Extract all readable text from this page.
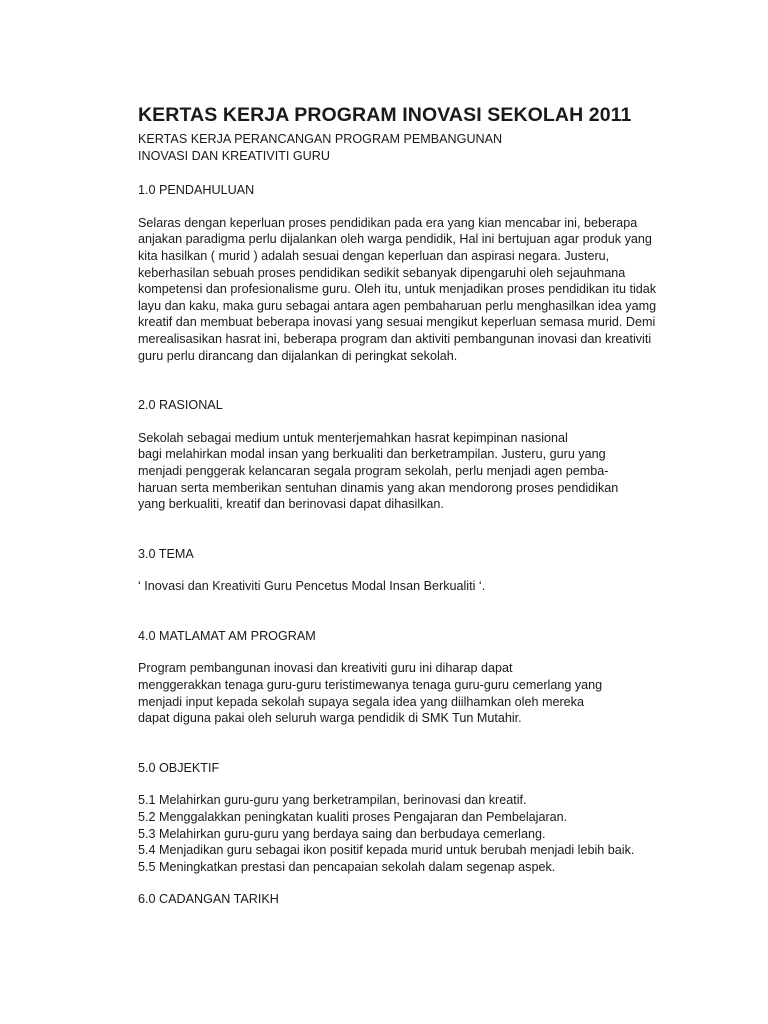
KERTAS KERJA PROGRAM INOVASI SEKOLAH 2011
KERTAS KERJA PERANCANGAN PROGRAM PEMBANGUNAN
INOVASI DAN KREATIVITI GURU
1.0 PENDAHULUAN

Selaras dengan keperluan proses pendidikan pada era yang kian mencabar ini, beberapa

anjakan paradigma perlu dijalankan oleh warga pendidik, Hal ini bertujuan agar produk yang

kita hasilkan ( murid ) adalah sesuai dengan keperluan dan aspirasi negara. Justeru,

keberhasilan sebuah proses pendidikan sedikit sebanyak dipengaruhi oleh sejauhmana

kompetensi dan profesionalisme guru. Oleh itu, untuk menjadikan proses pendidikan itu tidak

layu dan kaku, maka guru sebagai antara agen pembaharuan perlu menghasilkan idea yamg

kreatif dan membuat beberapa inovasi yang sesuai mengikut keperluan semasa murid. Demi

merealisasikan hasrat ini, beberapa program dan aktiviti pembangunan inovasi dan kreativiti

guru perlu dirancang dan dijalankan di peringkat sekolah.

2.0 RASIONAL

Sekolah sebagai medium untuk menterjemahkan hasrat kepimpinan nasional

bagi melahirkan modal insan yang berkualiti dan berketrampilan. Justeru, guru yang

menjadi penggerak kelancaran segala program sekolah, perlu menjadi agen pemba-

haruan serta memberikan sentuhan dinamis yang akan mendorong proses pendidikan

yang berkualiti, kreatif dan berinovasi dapat dihasilkan.

3.0 TEMA

‘ Inovasi dan Kreativiti Guru Pencetus Modal Insan Berkualiti ‘.

4.0 MATLAMAT AM PROGRAM

Program pembangunan inovasi dan kreativiti guru ini diharap dapat

menggerakkan tenaga guru-guru teristimewanya tenaga guru-guru cemerlang yang

menjadi input kepada sekolah supaya segala idea yang diilhamkan oleh mereka

dapat diguna pakai oleh seluruh warga pendidik di SMK Tun Mutahir.

5.0 OBJEKTIF
5.1 Melahirkan guru-guru yang berketrampilan, berinovasi dan kreatif.
5.2 Menggalakkan peningkatan kualiti proses Pengajaran dan Pembelajaran.
5.3 Melahirkan guru-guru yang berdaya saing dan berbudaya cemerlang.
5.4 Menjadikan guru sebagai ikon positif kepada murid untuk berubah menjadi lebih baik.
5.5 Meningkatkan prestasi dan pencapaian sekolah dalam segenap aspek.
6.0 CADANGAN TARIKH
